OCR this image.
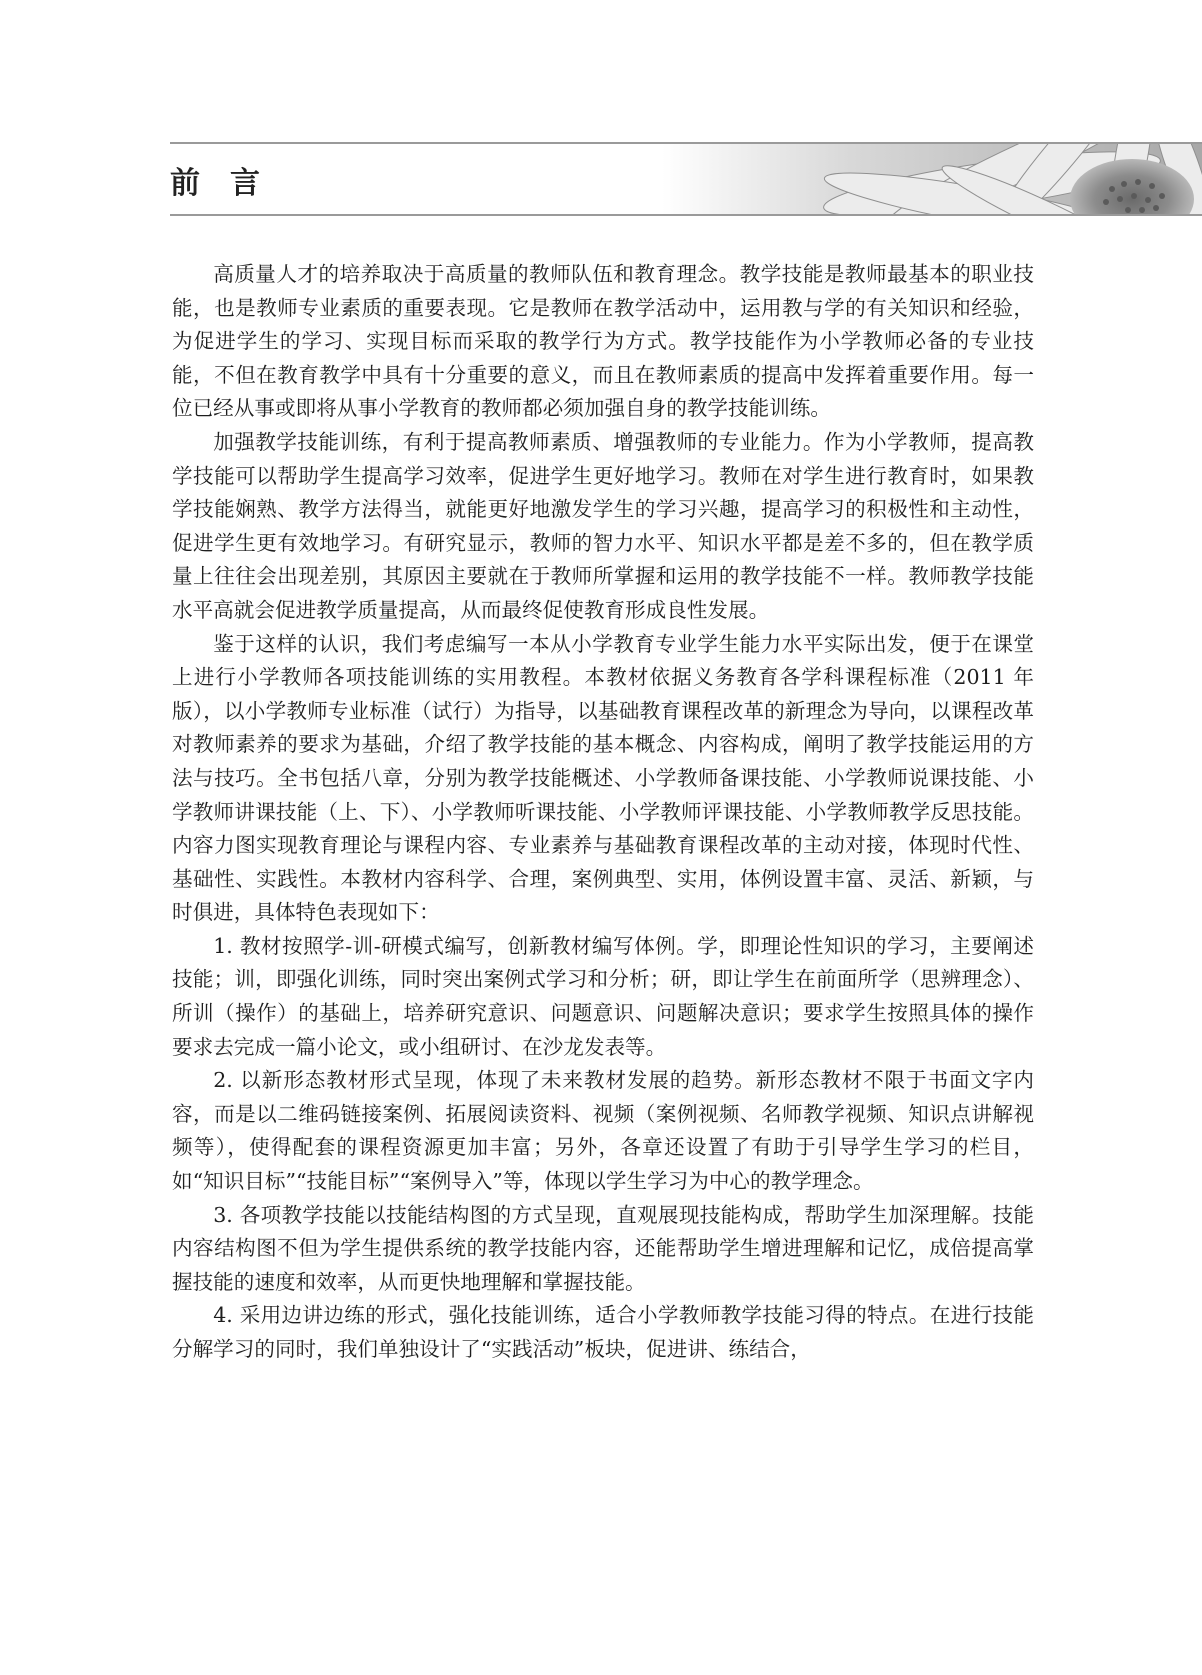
前言

高质量人才的培养取决于高质量的教师队伍和教育理念。教学技能是教师最基本的职业技能，也是教师专业素质的重要表现。它是教师在教学活动中，运用教与学的有关知识和经验，为促进学生的学习、实现目标而采取的教学行为方式。教学技能作为小学教师必备的专业技能，不但在教育教学中具有十分重要的意义，而且在教师素质的提高中发挥着重要作用。每一位已经从事或即将从事小学教育的教师都必须加强自身的教学技能训练。

加强教学技能训练，有利于提高教师素质、增强教师的专业能力。作为小学教师，提高教学技能可以帮助学生提高学习效率，促进学生更好地学习。教师在对学生进行教育时，如果教学技能娴熟、教学方法得当，就能更好地激发学生的学习兴趣，提高学习的积极性和主动性，促进学生更有效地学习。有研究显示，教师的智力水平、知识水平都是差不多的，但在教学质量上往往会出现差别，其原因主要就在于教师所掌握和运用的教学技能不一样。教师教学技能水平高就会促进教学质量提高，从而最终促使教育形成良性发展。

鉴于这样的认识，我们考虑编写一本从小学教育专业学生能力水平实际出发，便于在课堂上进行小学教师各项技能训练的实用教程。本教材依据义务教育各学科课程标准（2011 年版），以小学教师专业标准（试行）为指导，以基础教育课程改革的新理念为导向，以课程改革对教师素养的要求为基础，介绍了教学技能的基本概念、内容构成，阐明了教学技能运用的方法与技巧。全书包括八章，分别为教学技能概述、小学教师备课技能、小学教师说课技能、小学教师讲课技能（上、下）、小学教师听课技能、小学教师评课技能、小学教师教学反思技能。内容力图实现教育理论与课程内容、专业素养与基础教育课程改革的主动对接，体现时代性、基础性、实践性。本教材内容科学、合理，案例典型、实用，体例设置丰富、灵活、新颖，与时俱进，具体特色表现如下：

1. 教材按照学-训-研模式编写，创新教材编写体例。学，即理论性知识的学习，主要阐述技能；训，即强化训练，同时突出案例式学习和分析；研，即让学生在前面所学（思辨理念）、所训（操作）的基础上，培养研究意识、问题意识、问题解决意识；要求学生按照具体的操作要求去完成一篇小论文，或小组研讨、在沙龙发表等。

2. 以新形态教材形式呈现，体现了未来教材发展的趋势。新形态教材不限于书面文字内容，而是以二维码链接案例、拓展阅读资料、视频（案例视频、名师教学视频、知识点讲解视频等），使得配套的课程资源更加丰富；另外，各章还设置了有助于引导学生学习的栏目，如“知识目标”“技能目标”“案例导入”等，体现以学生学习为中心的教学理念。

3. 各项教学技能以技能结构图的方式呈现，直观展现技能构成，帮助学生加深理解。技能内容结构图不但为学生提供系统的教学技能内容，还能帮助学生增进理解和记忆，成倍提高掌握技能的速度和效率，从而更快地理解和掌握技能。

4. 采用边讲边练的形式，强化技能训练，适合小学教师教学技能习得的特点。在进行技能分解学习的同时，我们单独设计了“实践活动”板块，促进讲、练结合，
